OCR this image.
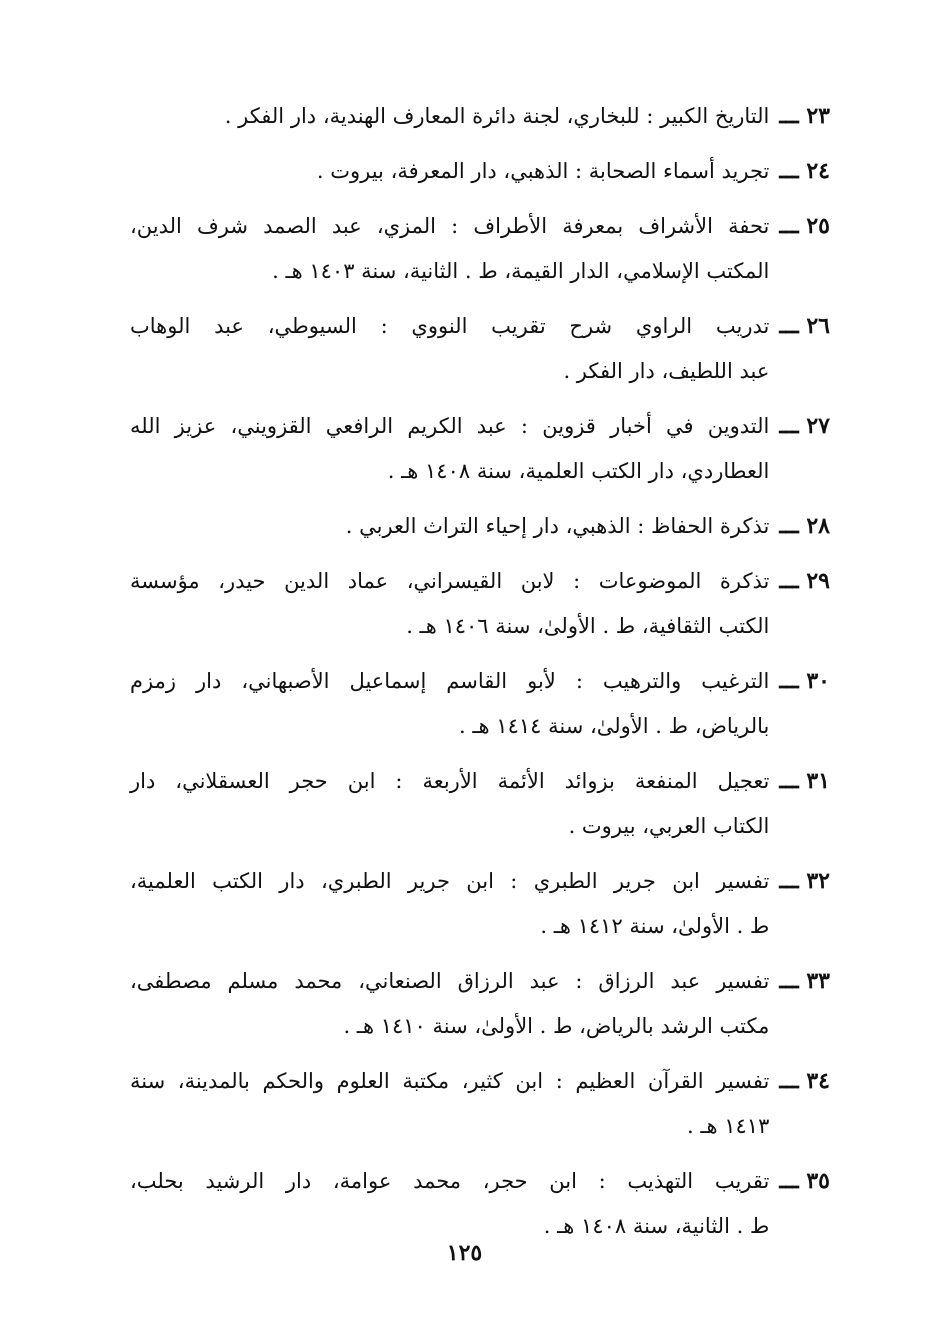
٢٣ ـــ
التاريخ الكبير : للبخاري، لجنة دائرة المعارف الهندية، دار الفكر .
٢٤ ـــ
تجريد أسماء الصحابة : الذهبي، دار المعرفة، بيروت .
٢٥ ـــ
تحفة الأشراف بمعرفة الأطراف : المزي، عبد الصمد شرف الدين،
المكتب الإسلامي، الدار القيمة، ط . الثانية، سنة ١٤٠٣ هـ .
٢٦ ـــ
تدريب الراوي شرح تقريب النووي : السيوطي، عبد الوهاب
عبد اللطيف، دار الفكر .
٢٧ ـــ
التدوين في أخبار قزوين : عبد الكريم الرافعي القزويني، عزيز الله
العطاردي، دار الكتب العلمية، سنة ١٤٠٨ هـ .
٢٨ ـــ
تذكرة الحفاظ : الذهبي، دار إحياء التراث العربي .
٢٩ ـــ
تذكرة الموضوعات : لابن القيسراني، عماد الدين حيدر، مؤسسة
الكتب الثقافية، ط . الأولىٰ، سنة ١٤٠٦ هـ .
٣٠ ـــ
الترغيب والترهيب : لأبو القاسم إسماعيل الأصبهاني، دار زمزم
بالرياض، ط . الأولىٰ، سنة ١٤١٤ هـ .
٣١ ـــ
تعجيل المنفعة بزوائد الأئمة الأربعة : ابن حجر العسقلاني، دار
الكتاب العربي، بيروت .
٣٢ ـــ
تفسير ابن جرير الطبري : ابن جرير الطبري، دار الكتب العلمية،
ط . الأولىٰ، سنة ١٤١٢ هـ .
٣٣ ـــ
تفسير عبد الرزاق : عبد الرزاق الصنعاني، محمد مسلم مصطفى،
مكتب الرشد بالرياض، ط . الأولىٰ، سنة ١٤١٠ هـ .
٣٤ ـــ
تفسير القرآن العظيم : ابن كثير، مكتبة العلوم والحكم بالمدينة، سنة
١٤١٣ هـ .
٣٥ ـــ
تقريب التهذيب : ابن حجر، محمد عوامة، دار الرشيد بحلب،
ط . الثانية، سنة ١٤٠٨ هـ .
١٢٥
